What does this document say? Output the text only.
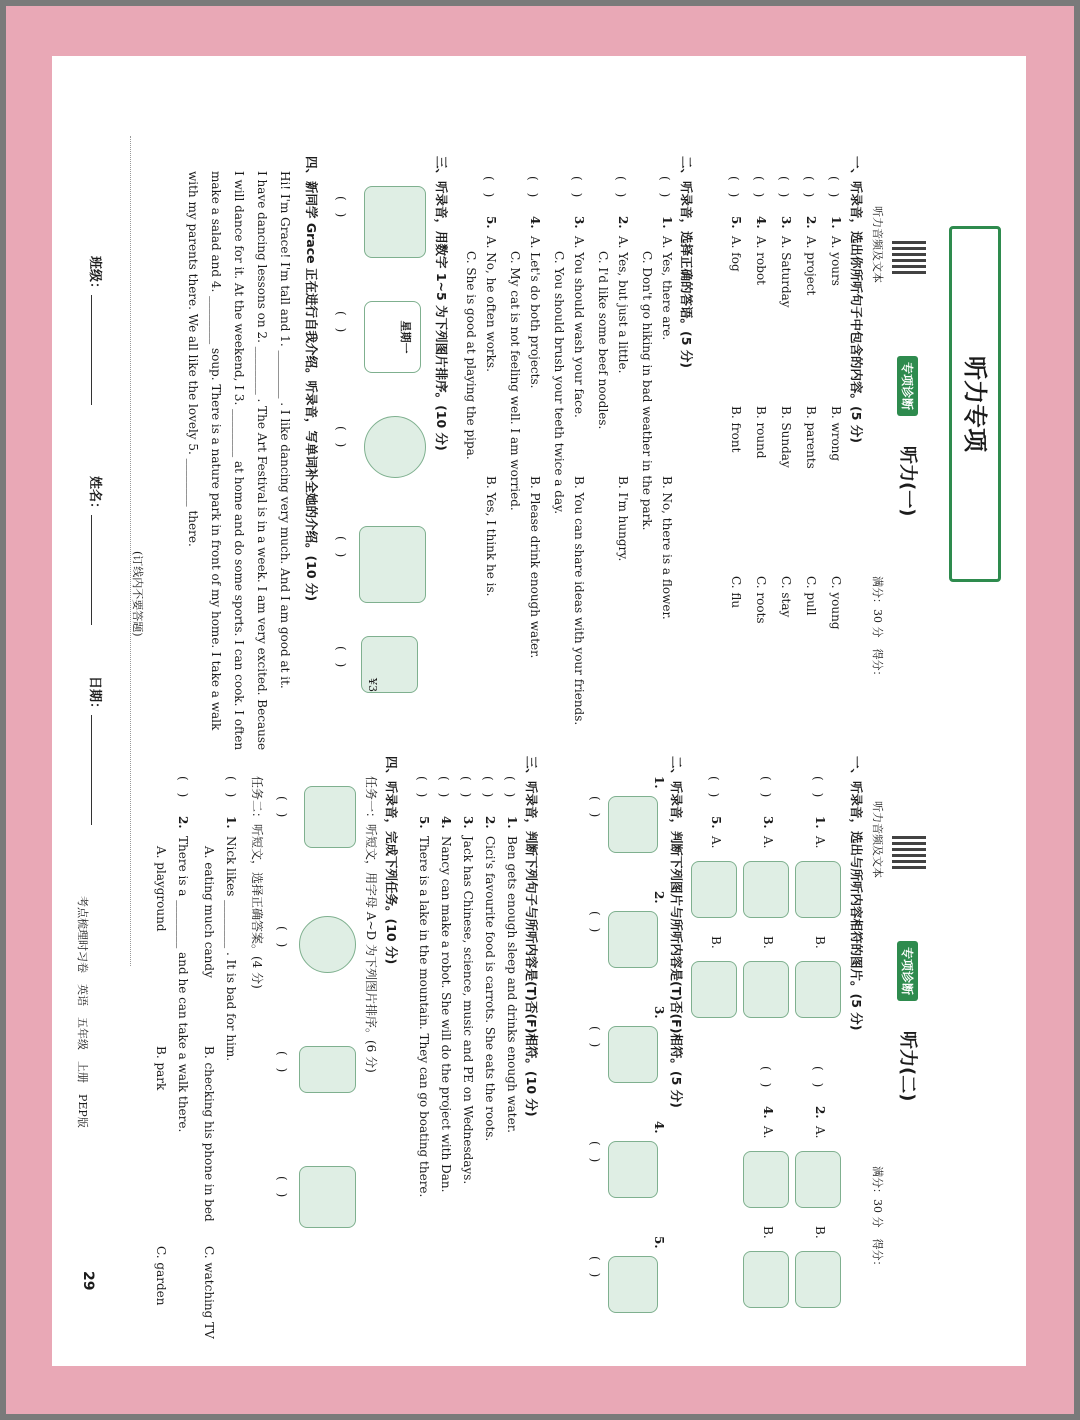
班级：
姓名：
日期：
(订线内不要答题)
听力专项
听力音频及文本
专项诊断
听力(一)
满分：30 分　得分：
一、听录音，选出你所听句子中包含的内容。(5 分)
(　)
1.
A. yours
B. wrong
C. young
(　)
2.
A. project
B. parents
C. pull
(　)
3.
A. Saturday
B. Sunday
C. stay
(　)
4.
A. robot
B. round
C. roots
(　)
5.
A. fog
B. front
C. flu
二、听录音，选择正确的答语。(5 分)
(　)
1.
A. Yes, there are.
B. No, there is a flower.
C. Don't go hiking in bad weather in the park.
(　)
2.
A. Yes, but just a little.
B. I'm hungry.
C. I'd like some beef noodles.
(　)
3.
A. You should wash your face.
B. You can share ideas with your friends.
C. You should brush your teeth twice a day.
(　)
4.
A. Let's do both projects.
B. Please drink enough water.
C. My cat is not feeling well. I am worried.
(　)
5.
A. No, he often works.
B. Yes, I think he is.
C. She is good at playing the pipa.
三、听录音，用数字 1~5 为下列图片排序。(10 分)
星期一
¥3
(　)
(　)
(　)
(　)
(　)
四、新同学 Grace 正在进行自我介绍。听录音，写单词补全她的介绍。(10 分)
Hi! I'm Grace! I'm tall and 1. ________ . I like dancing very much. And I am good at it.
I have dancing lessons on 2. ________ . The Art Festival is in a week. I am very excited. Because
I will dance for it. At the weekend, I 3. ________ at home and do some sports. I can cook. I often
make a salad and 4. ________ soup. There is a nature park in front of my home. I take a walk
with my parents there. We all like the lovely 5. ________ there.
听力音频及文本
专项诊断
听力(二)
满分：30 分　得分：
一、听录音，选出与所听内容相符的图片。(5 分)
(　)
1.
A.
B.
(　)
2.
A.
B.
(　)
3.
A.
B.
(　)
4.
A.
B.
(　)
5.
A.
B.
二、听录音，判断下列图片与所听内容是(T)否(F)相符。(5 分)
1.
(　)
2.
(　)
3.
(　)
4.
(　)
5.
(　)
三、听录音，判断下列句子与所听内容是(T)否(F)相符。(10 分)
(　)
1.
Ben gets enough sleep and drinks enough water.
(　)
2.
Cici's favourite food is carrots. She eats the roots.
(　)
3.
Jack has Chinese, science, music and PE on Wednesdays.
(　)
4.
Nancy can make a robot. She will do the project with Dan.
(　)
5.
There is a lake in the mountain. They can go boating there.
四、听录音，完成下列任务。(10 分)
任务一：听短文，用字母 A~D 为下列图片排序。(6 分)
(　)
(　)
(　)
(　)
任务二：听短文，选择正确答案。(4 分)
(　)
1.
Nick likes ________ . It is bad for him.
A. eating much candy
B. checking his phone in bed
C. watching TV
(　)
2.
There is a ________ and he can take a walk there.
A. playground
B. park
C. garden
考点梳理时习卷　英语　五年级　上册　PEP版
29
